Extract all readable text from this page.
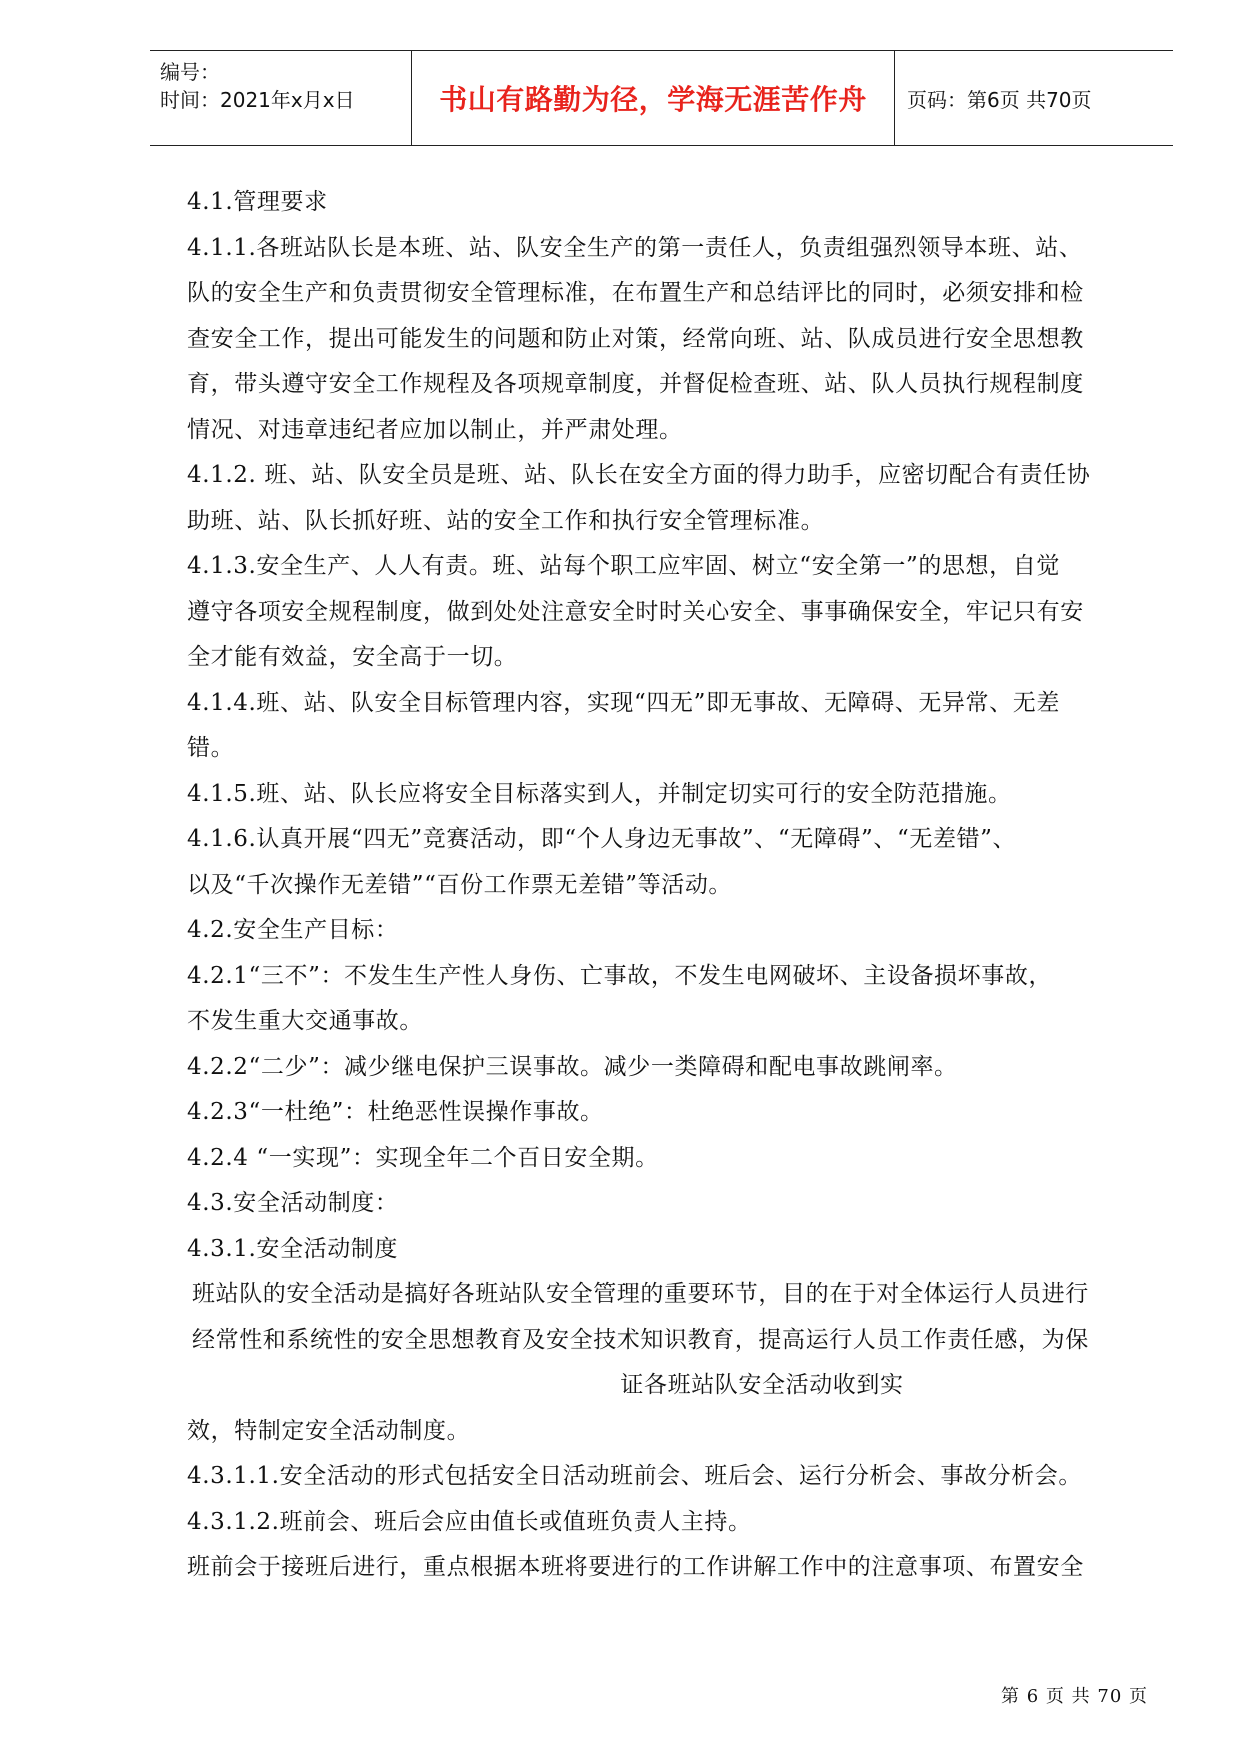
编号：
时间：2021年x月x日	书山有路勤为径，学海无涯苦作舟 页码：第6页 共70页

4.1.管理要求

4.1.1.各班站队长是本班、站、队安全生产的第一责任人，负责组强烈领导本班、站、

队的安全生产和负责贯彻安全管理标准，在布置生产和总结评比的同时，必须安排和检

查安全工作，提出可能发生的问题和防止对策，经常向班、站、队成员进行安全思想教

育，带头遵守安全工作规程及各项规章制度，并督促检查班、站、队人员执行规程制度

情况、对违章违纪者应加以制止，并严肃处理。

4.1.2. 班、站、队安全员是班、站、队长在安全方面的得力助手，应密切配合有责任协

助班、站、队长抓好班、站的安全工作和执行安全管理标准。

4.1.3.安全生产、人人有责。班、站每个职工应牢固、树立“安全第一”的思想，自觉

遵守各项安全规程制度，做到处处注意安全时时关心安全、事事确保安全，牢记只有安

全才能有效益，安全高于一切。

4.1.4.班、站、队安全目标管理内容，实现“四无”即无事故、无障碍、无异常、无差

错。

4.1.5.班、站、队长应将安全目标落实到人，并制定切实可行的安全防范措施。

4.1.6.认真开展“四无”竞赛活动，即“个人身边无事故”、“无障碍”、“无差错”、

以及“千次操作无差错”“百份工作票无差错”等活动。

4.2.安全生产目标：

4.2.1“三不”：不发生生产性人身伤、亡事故，不发生电网破坏、主设备损坏事故，

不发生重大交通事故。

4.2.2“二少”：减少继电保护三误事故。减少一类障碍和配电事故跳闸率。

4.2.3“一杜绝”：杜绝恶性误操作事故。

4.2.4 “一实现”：实现全年二个百日安全期。

4.3.安全活动制度：

4.3.1.安全活动制度

班站队的安全活动是搞好各班站队安全管理的重要环节，目的在于对全体运行人员进行

经常性和系统性的安全思想教育及安全技术知识教育，提高运行人员工作责任感，为保

证各班站队安全活动收到实

效，特制定安全活动制度。

4.3.1.1.安全活动的形式包括安全日活动班前会、班后会、运行分析会、事故分析会。

4.3.1.2.班前会、班后会应由值长或值班负责人主持。

班前会于接班后进行，重点根据本班将要进行的工作讲解工作中的注意事项、布置安全

第 6 页 共 70 页
